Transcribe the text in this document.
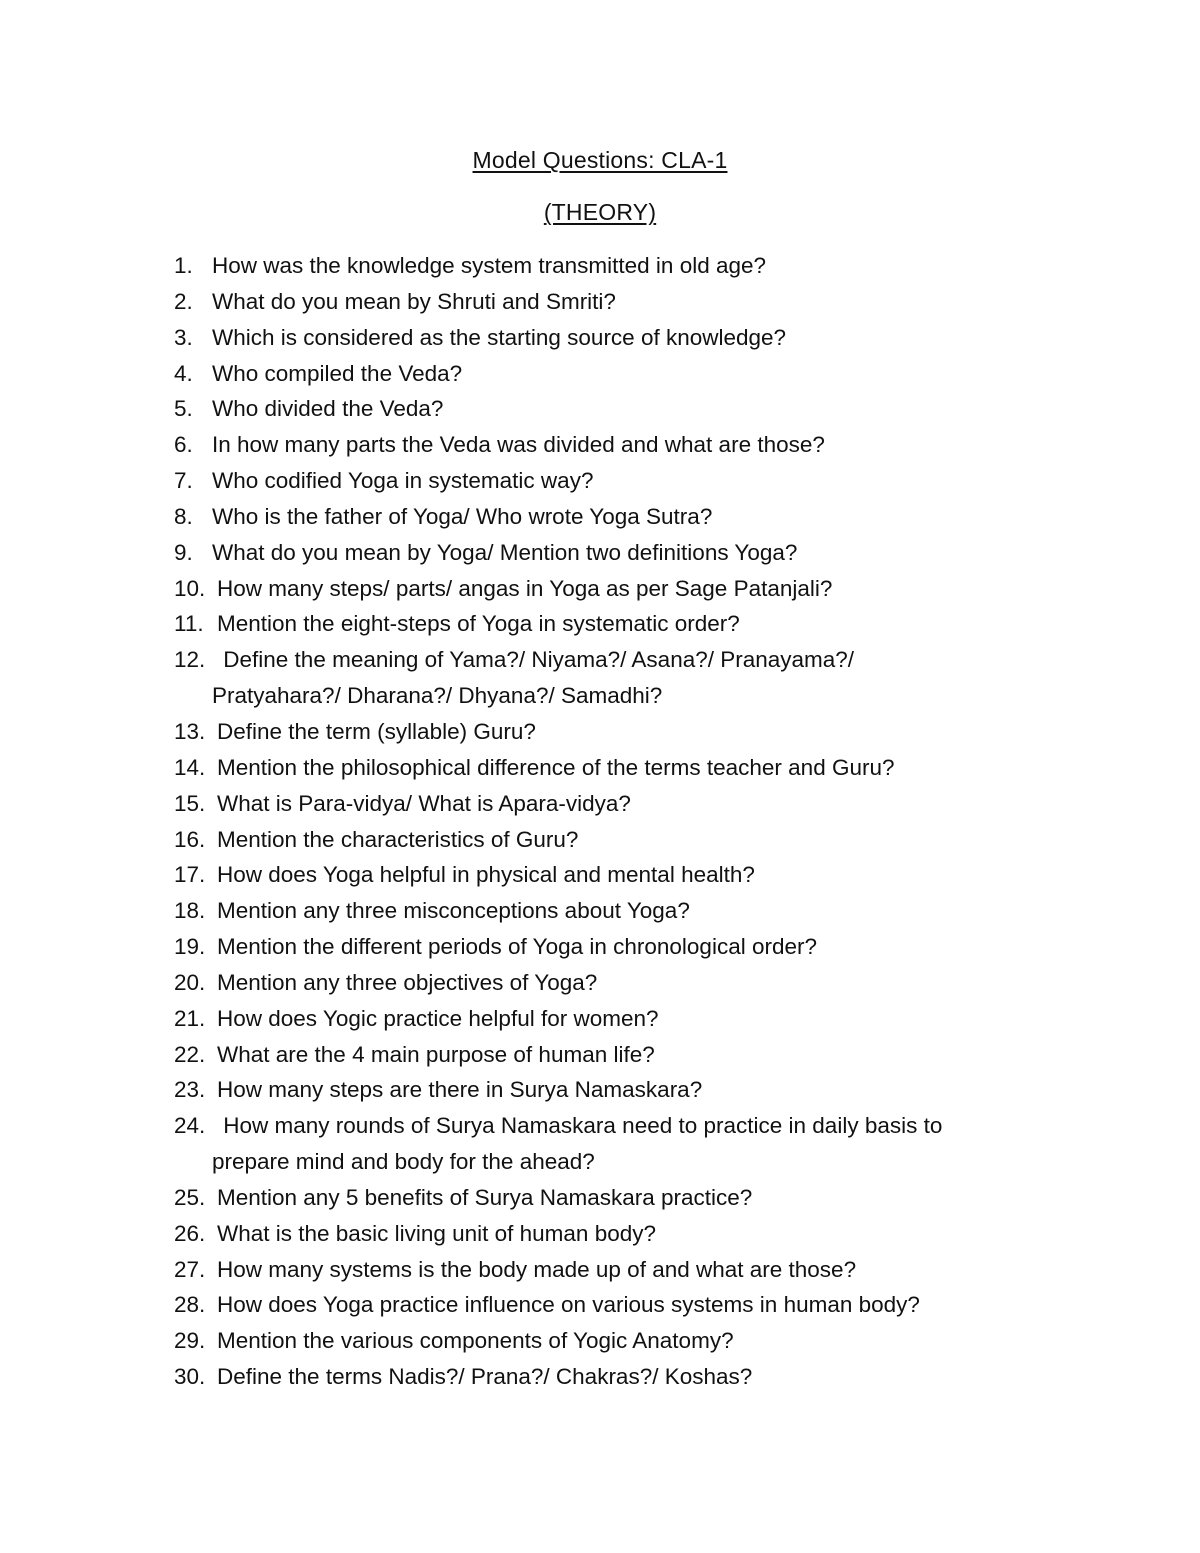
Model Questions: CLA-1
(THEORY)
1. How was the knowledge system transmitted in old age?
2. What do you mean by Shruti and Smriti?
3. Which is considered as the starting source of knowledge?
4. Who compiled the Veda?
5. Who divided the Veda?
6. In how many parts the Veda was divided and what are those?
7. Who codified Yoga in systematic way?
8. Who is the father of Yoga/ Who wrote Yoga Sutra?
9. What do you mean by Yoga/ Mention two definitions Yoga?
10. How many steps/ parts/ angas in Yoga as per Sage Patanjali?
11. Mention the eight-steps of Yoga in systematic order?
12. Define the meaning of Yama?/ Niyama?/ Asana?/ Pranayama?/
Pratyahara?/ Dharana?/ Dhyana?/ Samadhi?
13. Define the term (syllable) Guru?
14. Mention the philosophical difference of the terms teacher and Guru?
15. What is Para-vidya/ What is Apara-vidya?
16. Mention the characteristics of Guru?
17. How does Yoga helpful in physical and mental health?
18. Mention any three misconceptions about Yoga?
19. Mention the different periods of Yoga in chronological order?
20. Mention any three objectives of Yoga?
21. How does Yogic practice helpful for women?
22. What are the 4 main purpose of human life?
23. How many steps are there in Surya Namaskara?
24. How many rounds of Surya Namaskara need to practice in daily basis to
prepare mind and body for the ahead?
25. Mention any 5 benefits of Surya Namaskara practice?
26. What is the basic living unit of human body?
27. How many systems is the body made up of and what are those?
28. How does Yoga practice influence on various systems in human body?
29. Mention the various components of Yogic Anatomy?
30. Define the terms Nadis?/ Prana?/ Chakras?/ Koshas?
